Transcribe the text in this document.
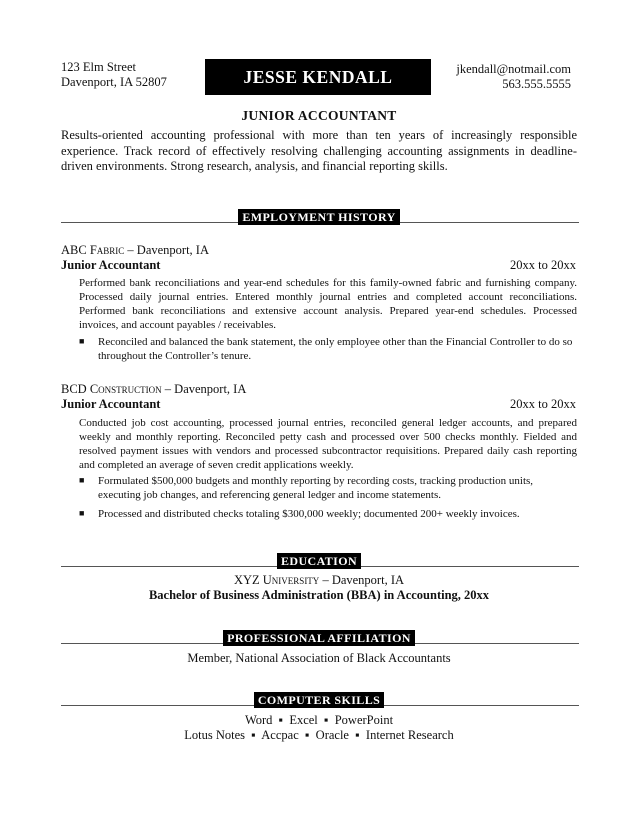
123 Elm Street
Davenport, IA 52807	JESSE KENDALL	jkendall@notmail.com
563.555.5555
JUNIOR ACCOUNTANT
Results-oriented accounting professional with more than ten years of increasingly responsible experience. Track record of effectively resolving challenging accounting assignments in deadline-driven environments. Strong research, analysis, and financial reporting skills.
EMPLOYMENT HISTORY
ABC Fabric – Davenport, IA
Junior Accountant	20xx to 20xx
Performed bank reconciliations and year-end schedules for this family-owned fabric and furnishing company. Processed daily journal entries. Entered monthly journal entries and completed account reconciliations. Performed bank reconciliations and extensive account analysis. Prepared year-end schedules. Processed invoices, and account payables / receivables.
■ Reconciled and balanced the bank statement, the only employee other than the Financial Controller to do so throughout the Controller’s tenure.
BCD Construction – Davenport, IA
Junior Accountant	20xx to 20xx
Conducted job cost accounting, processed journal entries, reconciled general ledger accounts, and prepared weekly and monthly reporting. Reconciled petty cash and processed over 500 checks monthly. Fielded and resolved payment issues with vendors and processed subcontractor requisitions. Prepared daily cash reporting and completed an average of seven credit applications weekly.
■ Formulated $500,000 budgets and monthly reporting by recording costs, tracking production units, executing job changes, and referencing general ledger and income statements.
■ Processed and distributed checks totaling $300,000 weekly; documented 200+ weekly invoices.
EDUCATION
XYZ University – Davenport, IA
Bachelor of Business Administration (BBA) in Accounting, 20xx
PROFESSIONAL AFFILIATION
Member, National Association of Black Accountants
COMPUTER SKILLS
Word  ▪  Excel  ▪  PowerPoint
Lotus Notes  ▪  Accpac  ▪  Oracle  ▪  Internet Research
